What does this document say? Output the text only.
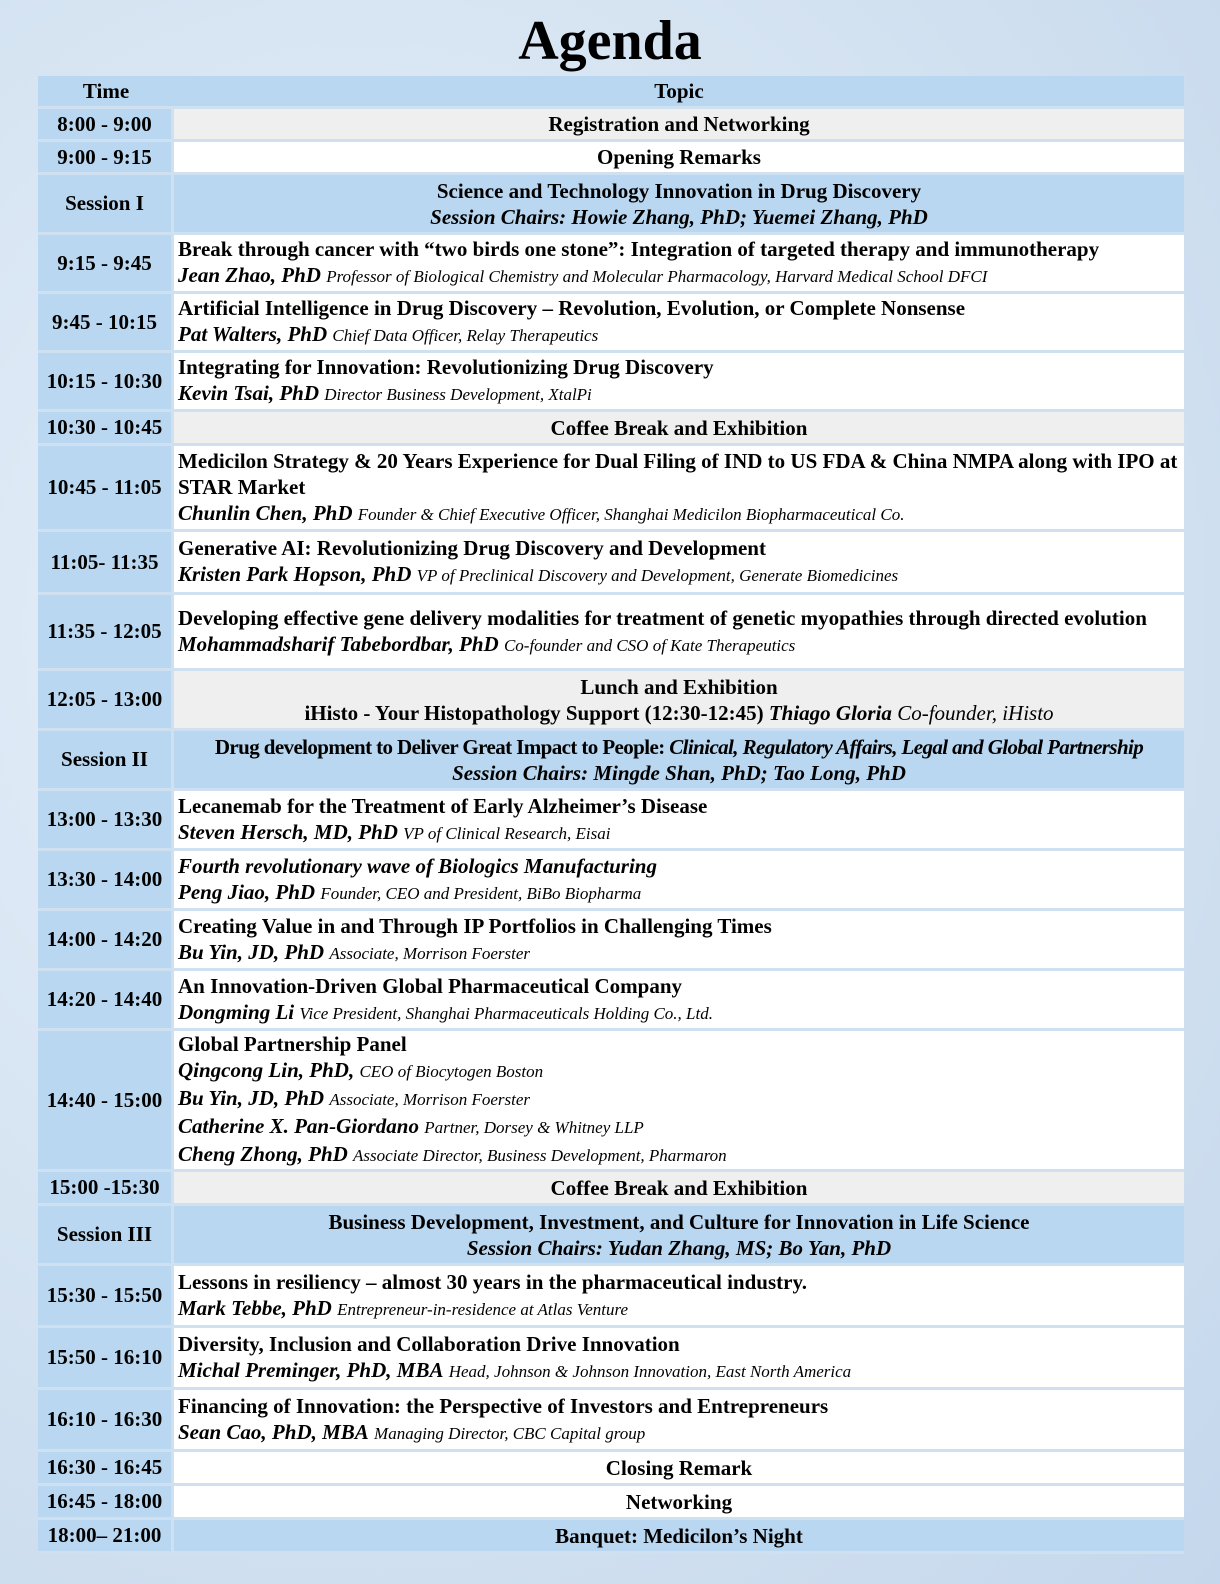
Agenda
Time	Topic
8:00 - 9:00	Registration and Networking
9:00 - 9:15	Opening Remarks
Session I	Science and Technology Innovation in Drug Discovery
Session Chairs: Howie Zhang, PhD; Yuemei Zhang, PhD

9:15 - 9:45	Break through cancer with “two birds one stone”: Integration of targeted therapy and immunotherapy
Jean Zhao, PhD Professor of Biological Chemistry and Molecular Pharmacology, Harvard Medical School DFCI

9:45 - 10:15	Artificial Intelligence in Drug Discovery – Revolution, Evolution, or Complete Nonsense
Pat Walters, PhD Chief Data Officer, Relay Therapeutics

10:15 - 10:30	Integrating for Innovation: Revolutionizing Drug Discovery
Kevin Tsai, PhD Director Business Development, XtalPi

10:30 - 10:45	Coffee Break and Exhibition
10:45 - 11:05	Medicilon Strategy & 20 Years Experience for Dual Filing of IND to US FDA & China NMPA along with IPO at STAR Market
Chunlin Chen, PhD Founder & Chief Executive Officer, Shanghai Medicilon Biopharmaceutical Co.

11:05- 11:35	Generative AI: Revolutionizing Drug Discovery and Development
Kristen Park Hopson, PhD VP of Preclinical Discovery and Development, Generate Biomedicines

11:35 - 12:05	Developing effective gene delivery modalities for treatment of genetic myopathies through directed evolution
Mohammadsharif Tabebordbar, PhD Co-founder and CSO of Kate Therapeutics

12:05 - 13:00	Lunch and Exhibition
iHisto - Your Histopathology Support (12:30-12:45) Thiago Gloria Co-founder, iHisto

Session II	Drug development to Deliver Great Impact to People: Clinical, Regulatory Affairs, Legal and Global Partnership
Session Chairs: Mingde Shan, PhD; Tao Long, PhD

13:00 - 13:30	Lecanemab for the Treatment of Early Alzheimer’s Disease
Steven Hersch, MD, PhD VP of Clinical Research, Eisai

13:30 - 14:00	Fourth revolutionary wave of Biologics Manufacturing
Peng Jiao, PhD Founder, CEO and President, BiBo Biopharma

14:00 - 14:20	Creating Value in and Through IP Portfolios in Challenging Times
Bu Yin, JD, PhD Associate, Morrison Foerster

14:20 - 14:40	An Innovation-Driven Global Pharmaceutical Company
Dongming Li Vice President, Shanghai Pharmaceuticals Holding Co., Ltd.

14:40 - 15:00	Global Partnership Panel
Qingcong Lin, PhD, CEO of Biocytogen Boston
Bu Yin, JD, PhD Associate, Morrison Foerster
Catherine X. Pan-Giordano Partner, Dorsey & Whitney LLP
Cheng Zhong, PhD Associate Director, Business Development, Pharmaron

15:00 -15:30	Coffee Break and Exhibition
Session III	Business Development, Investment, and Culture for Innovation in Life Science
Session Chairs: Yudan Zhang, MS; Bo Yan, PhD

15:30 - 15:50	Lessons in resiliency – almost 30 years in the pharmaceutical industry.
Mark Tebbe, PhD Entrepreneur-in-residence at Atlas Venture

15:50 - 16:10	Diversity, Inclusion and Collaboration Drive Innovation
Michal Preminger, PhD, MBA Head, Johnson & Johnson Innovation, East North America

16:10 - 16:30	Financing of Innovation: the Perspective of Investors and Entrepreneurs
Sean Cao, PhD, MBA Managing Director, CBC Capital group

16:30 - 16:45	Closing Remark
16:45 - 18:00	Networking
18:00– 21:00	Banquet: Medicilon’s Night
